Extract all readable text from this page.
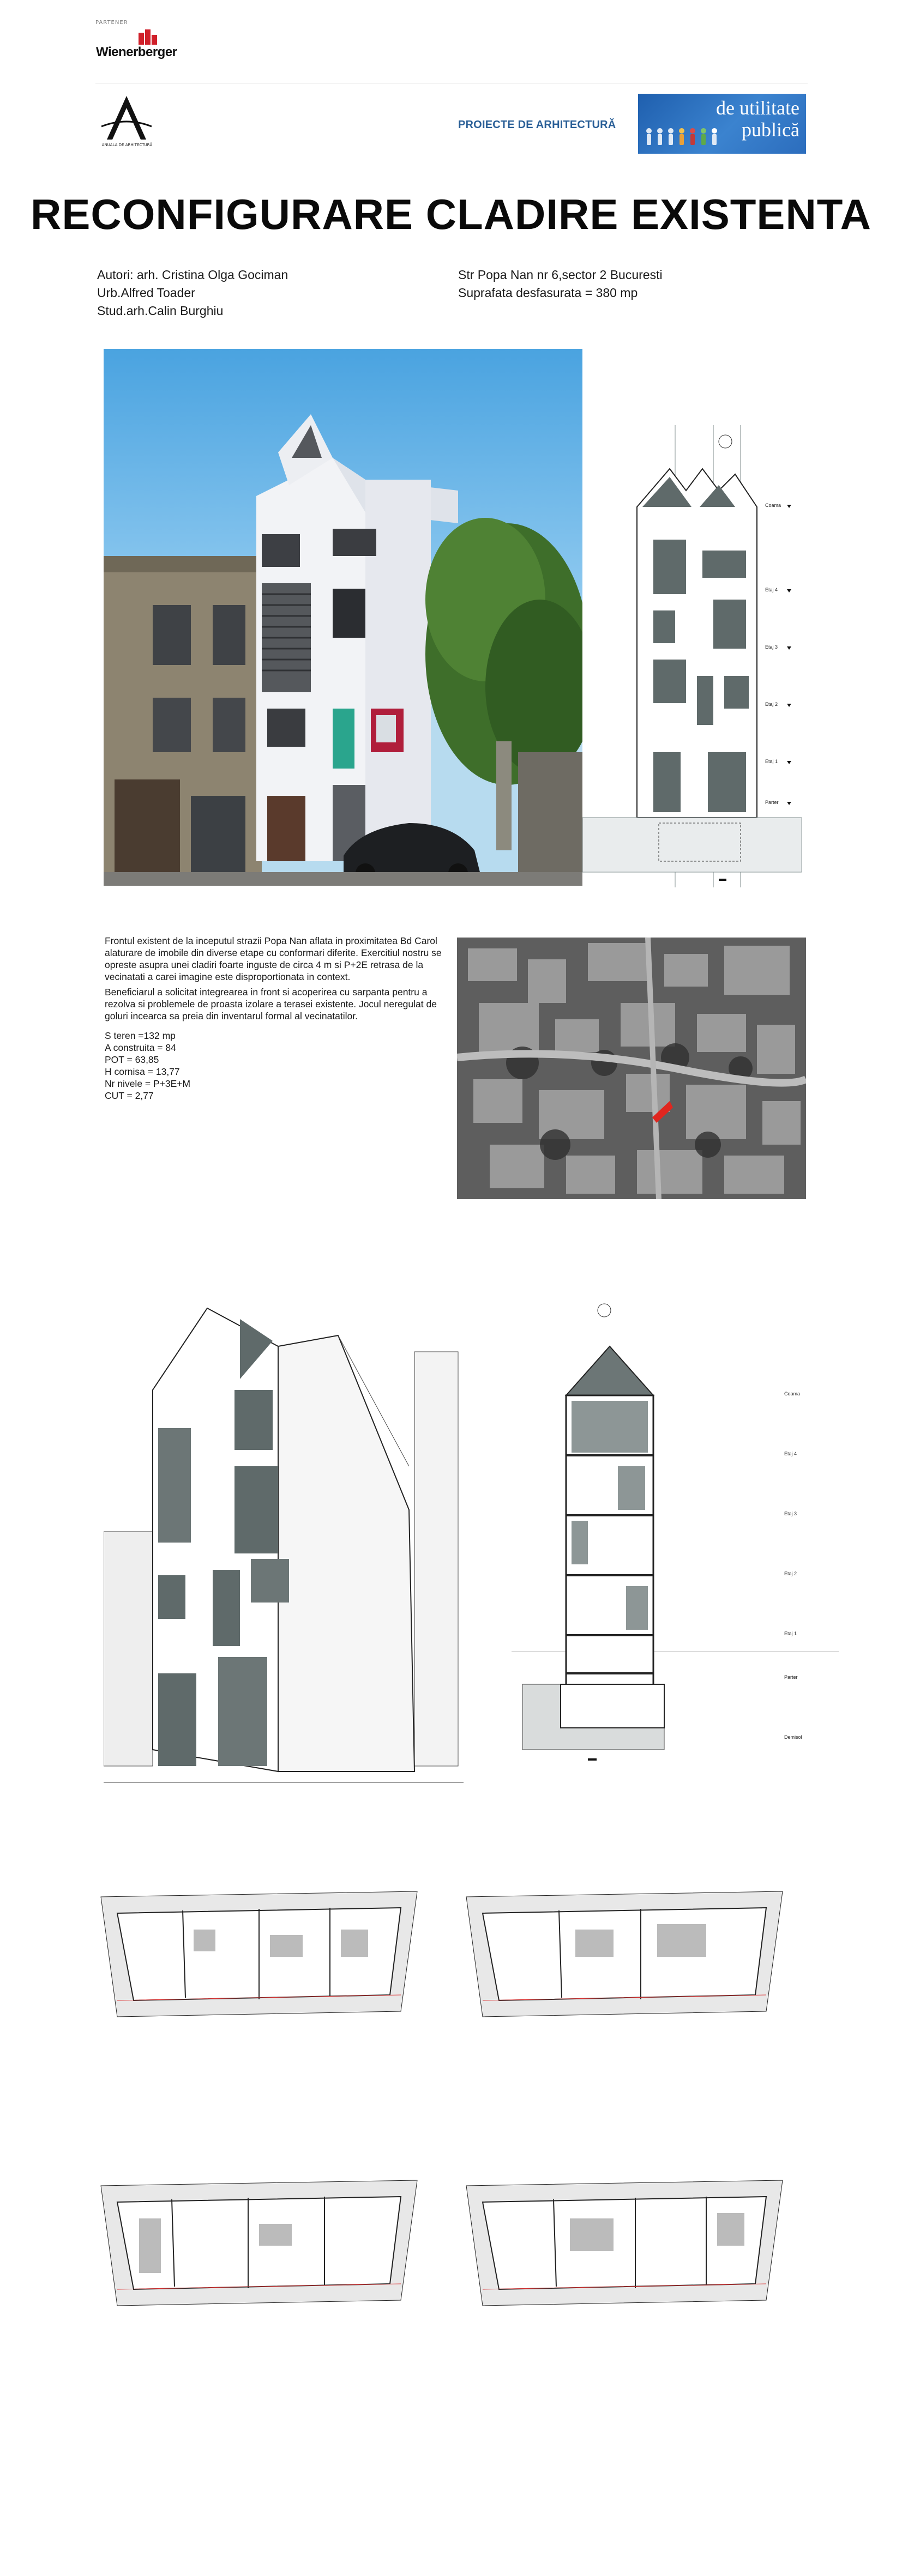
PARTENER
Wienerberger
ANUALA DE ARHITECTURĂ
PROIECTE DE ARHITECTURĂ
de utilitate
publică
RECONFIGURARE CLADIRE EXISTENTA
Autori: arh. Cristina Olga Gociman
Urb.Alfred Toader
Stud.arh.Calin Burghiu
Str Popa Nan nr 6,sector 2 Bucuresti
Suprafata desfasurata = 380 mp
Coama
Etaj 4
Etaj 3
Etaj 2
Etaj 1
Parter

Frontul existent de la inceputul strazii Popa Nan aflata in proximitatea Bd Carol alaturare de imobile din diverse etape cu conformari diferite. Exercitiul nostru se opreste asupra unei cladiri foarte inguste de circa 4 m si P+2E retrasa de la vecinatati a carei imagine este disproportionata in context.

Beneficiarul a solicitat integrearea in front si acoperirea cu sarpanta pentru a rezolva si problemele de proasta izolare a terasei existente. Jocul neregulat de goluri incearca sa preia din inventarul formal al vecinatatilor.

S teren =132 mp
A construita = 84
POT = 63,85
H cornisa = 13,77
Nr nivele = P+3E+M
CUT = 2,77
Coama
Etaj 4
Etaj 3
Etaj 2
Etaj 1
Parter
Demisol
